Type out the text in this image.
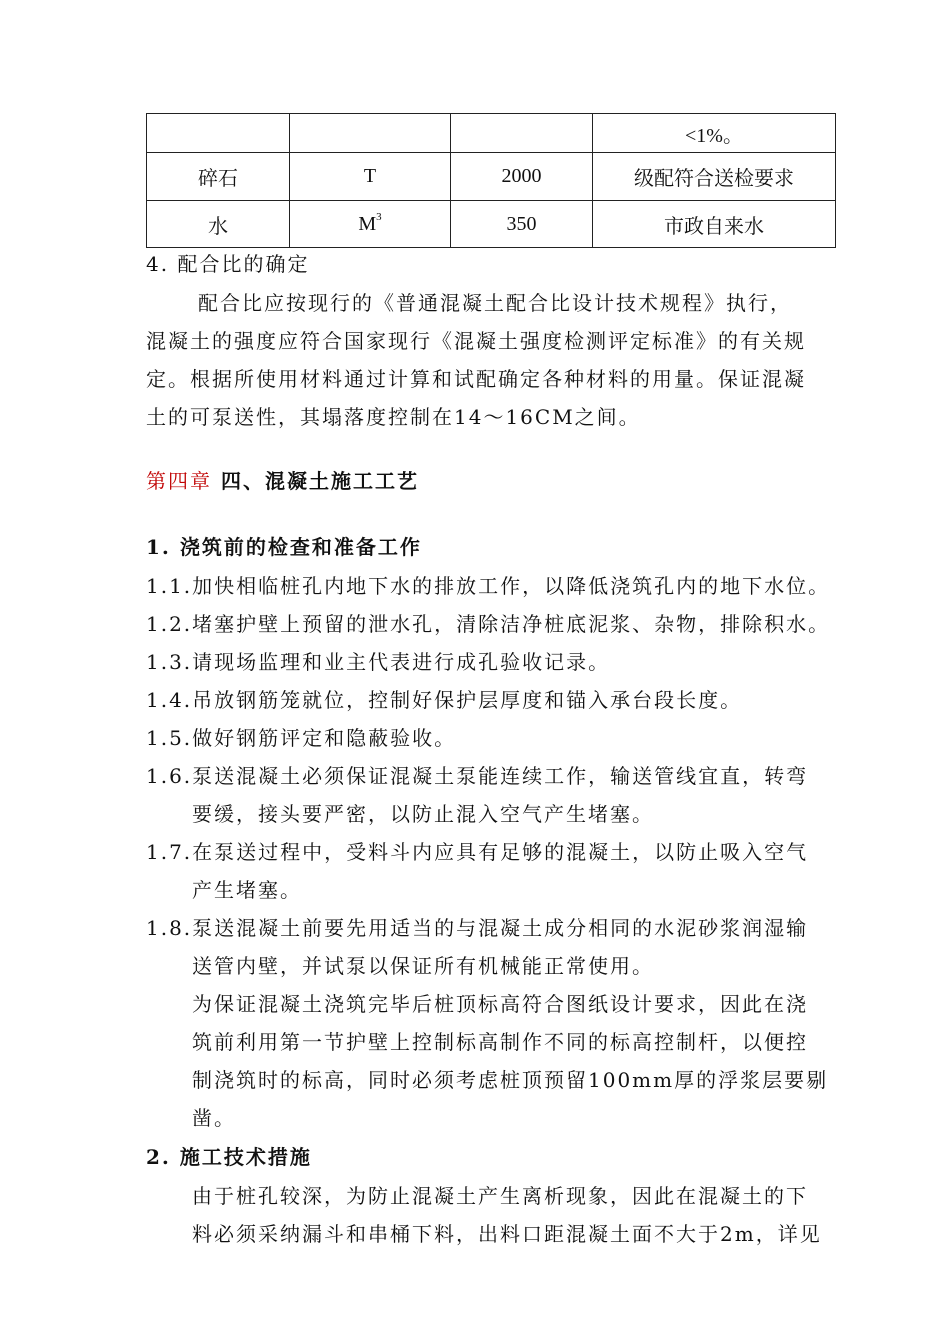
			<1%。
碎石	T	2000	级配符合送检要求
水	$M^3$	350	市政自来水
4. 配合比的确定
配合比应按现行的《普通混凝土配合比设计技术规程》执行，
混凝土的强度应符合国家现行《混凝土强度检测评定标准》的有关规
定。根据所使用材料通过计算和试配确定各种材料的用量。保证混凝
土的可泵送性，其塌落度控制在14～16CM之间。
第四章 四、混凝土施工工艺
1. 浇筑前的检查和准备工作
1.1.加快相临桩孔内地下水的排放工作，以降低浇筑孔内的地下水位。
1.2.堵塞护壁上预留的泄水孔，清除洁净桩底泥浆、杂物，排除积水。
1.3.请现场监理和业主代表进行成孔验收记录。
1.4.吊放钢筋笼就位，控制好保护层厚度和锚入承台段长度。
1.5.做好钢筋评定和隐蔽验收。
1.6.泵送混凝土必须保证混凝土泵能连续工作，输送管线宜直，转弯
要缓，接头要严密，以防止混入空气产生堵塞。
1.7.在泵送过程中，受料斗内应具有足够的混凝土，以防止吸入空气
产生堵塞。
1.8.泵送混凝土前要先用适当的与混凝土成分相同的水泥砂浆润湿输
送管内壁，并试泵以保证所有机械能正常使用。
为保证混凝土浇筑完毕后桩顶标高符合图纸设计要求，因此在浇
筑前利用第一节护壁上控制标高制作不同的标高控制杆，以便控
制浇筑时的标高，同时必须考虑桩顶预留100mm厚的浮浆层要剔
凿。
2. 施工技术措施
由于桩孔较深，为防止混凝土产生离析现象，因此在混凝土的下
料必须采纳漏斗和串桶下料，出料口距混凝土面不大于2m，详见
